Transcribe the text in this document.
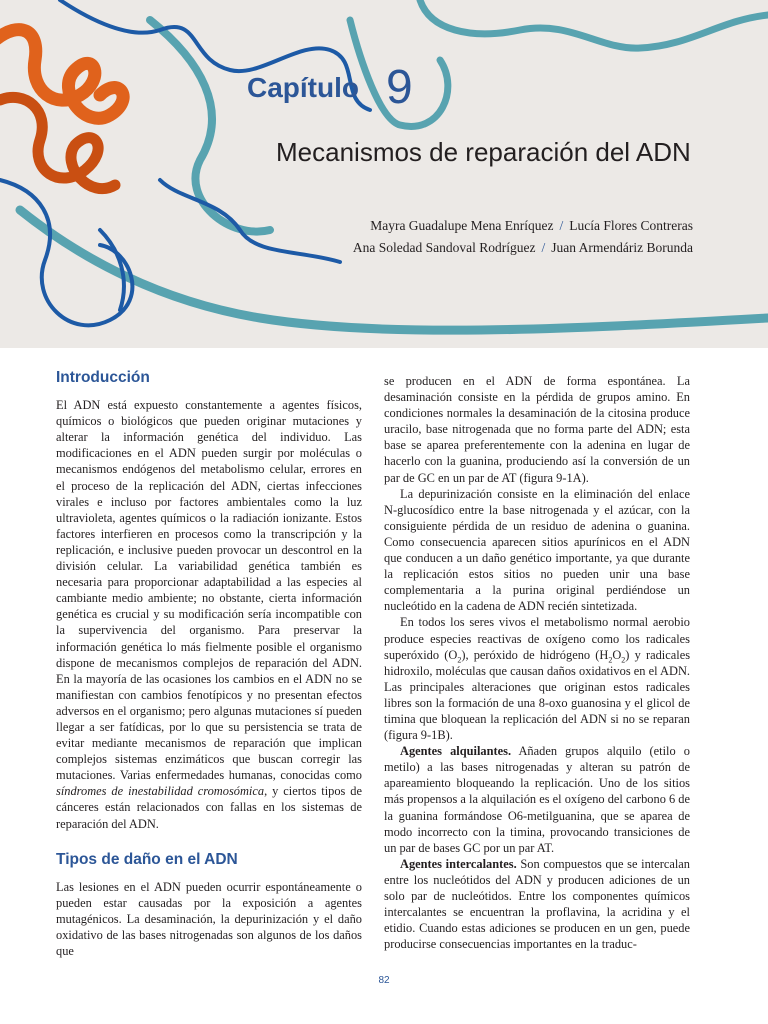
Capítulo 9
Mecanismos de reparación del ADN
Mayra Guadalupe Mena Enríquez / Lucía Flores Contreras
Ana Soledad Sandoval Rodríguez / Juan Armendáriz Borunda
Introducción

El ADN está expuesto constantemente a agentes físicos, químicos o biológicos que pueden originar mutaciones y alterar la información genética del individuo. Las modificaciones en el ADN pueden surgir por moléculas o mecanismos endógenos del metabolismo celular, errores en el proceso de la replicación del ADN, ciertas infecciones virales e incluso por factores ambientales como la luz ultravioleta, agentes químicos o la radiación ionizante. Estos factores interfieren en procesos como la transcripción y la replicación, e inclusive pueden provocar un descontrol en la división celular. La variabilidad genética también es necesaria para proporcionar adaptabilidad a las especies al cambiante medio ambiente; no obstante, cierta información genética es crucial y su modificación sería incompatible con la supervivencia del organismo. Para preservar la información genética lo más fielmente posible el organismo dispone de mecanismos complejos de reparación del ADN. En la mayoría de las ocasiones los cambios en el ADN no se manifiestan con cambios fenotípicos y no presentan efectos adversos en el organismo; pero algunas mutaciones sí pueden llegar a ser fatídicas, por lo que su persistencia se trata de evitar mediante mecanismos de reparación que implican complejos sistemas enzimáticos que buscan corregir las mutaciones. Varias enfermedades humanas, conocidas como síndromes de inestabilidad cromosómica, y ciertos tipos de cánceres están relacionados con fallas en los sistemas de reparación del ADN.

Tipos de daño en el ADN

Las lesiones en el ADN pueden ocurrir espontáneamente o pueden estar causadas por la exposición a agentes mutagénicos. La desaminación, la depurinización y el daño oxidativo de las bases nitrogenadas son algunos de los daños que

se producen en el ADN de forma espontánea. La desaminación consiste en la pérdida de grupos amino. En condiciones normales la desaminación de la citosina produce uracilo, base nitrogenada que no forma parte del ADN; esta base se aparea preferentemente con la adenina en lugar de hacerlo con la guanina, produciendo así la conversión de un par de GC en un par de AT (figura 9-1A).

La depurinización consiste en la eliminación del enlace N-glucosídico entre la base nitrogenada y el azúcar, con la consiguiente pérdida de un residuo de adenina o guanina. Como consecuencia aparecen sitios apurínicos en el ADN que conducen a un daño genético importante, ya que durante la replicación estos sitios no pueden unir una base complementaria a la purina original perdiéndose un nucleótido en la cadena de ADN recién sintetizada.

En todos los seres vivos el metabolismo normal aerobio produce especies reactivas de oxígeno como los radicales superóxido $(O_2)$, peróxido de hidrógeno $(H_2O_2)$ y radicales hidroxilo, moléculas que causan daños oxidativos en el ADN. Las principales alteraciones que originan estos radicales libres son la formación de una 8-oxo guanosina y el glicol de timina que bloquean la replicación del ADN si no se reparan (figura 9-1B).

Agentes alquilantes. Añaden grupos alquilo (etilo o metilo) a las bases nitrogenadas y alteran su patrón de apareamiento bloqueando la replicación. Uno de los sitios más propensos a la alquilación es el oxígeno del carbono 6 de la guanina formándose O6-metilguanina, que se aparea de modo incorrecto con la timina, provocando transiciones de un par de bases GC por un par AT.

Agentes intercalantes. Son compuestos que se intercalan entre los nucleótidos del ADN y producen adiciones de un solo par de nucleótidos. Entre los componentes químicos intercalantes se encuentran la proflavina, la acridina y el etidio. Cuando estas adiciones se producen en un gen, puede producirse consecuencias importantes en la traduc-

82
